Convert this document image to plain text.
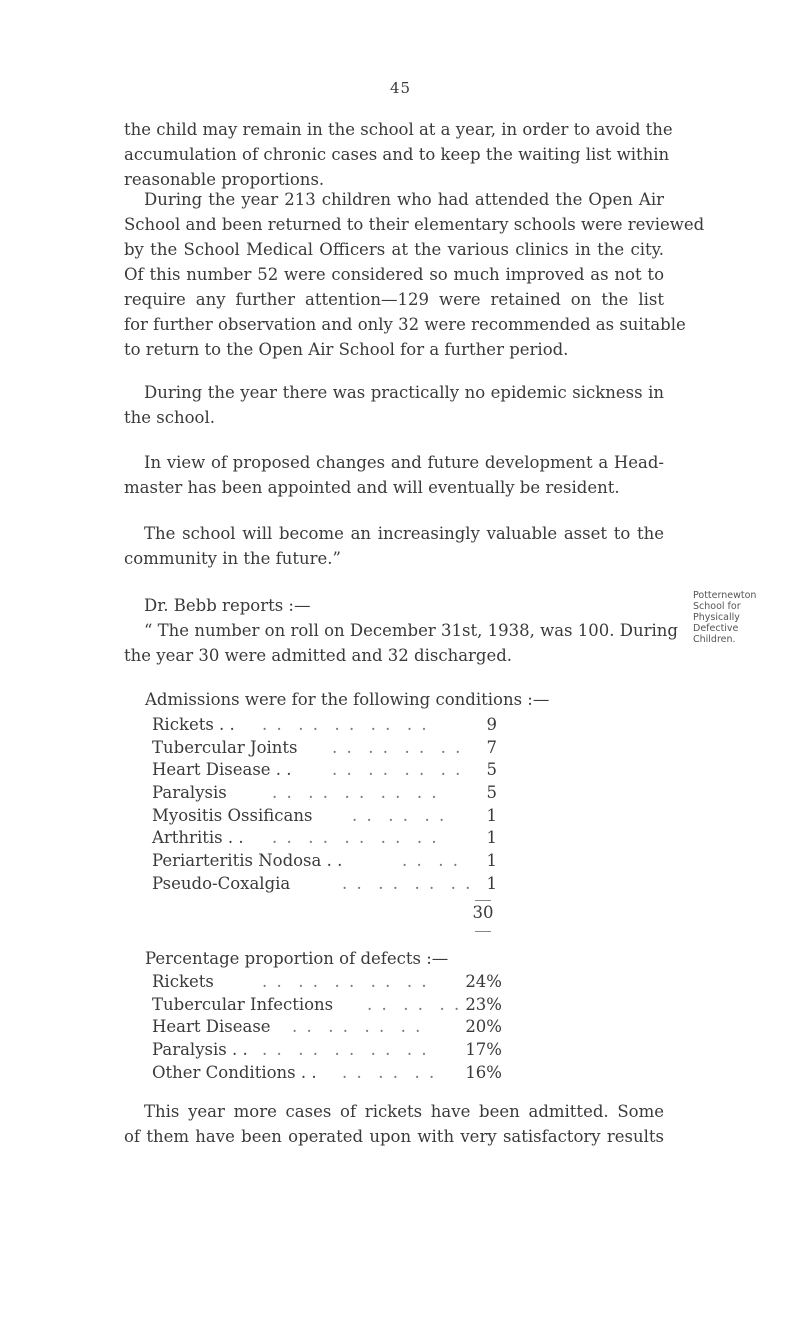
45

the child may remain in the school at a year, in order to avoid the
accumulation of chronic cases and to keep the waiting list within
reasonable proportions.

During the year 213 children who had attended the Open Air
School and been returned to their elementary schools were reviewed
by the School Medical Officers at the various clinics in the city.
Of this number 52 were considered so much improved as not to
require any further attention—129 were retained on the list
for further observation and only 32 were recommended as suitable
to return to the Open Air School for a further period.

During the year there was practically no epidemic sickness in
the school.

In view of proposed changes and future development a Head-
master has been appointed and will eventually be resident.

The school will become an increasingly valuable asset to the
community in the future.”

Dr. Bebb reports :—
“ The number on roll on December 31st, 1938, was 100. During
the year 30 were admitted and 32 discharged.

Potternewton
School for
Physically
Defective
Children.
Admissions were for the following conditions :—
Rickets . . . .  . .  . .  . .  . .	9
Tubercular Joints . .  . .  . .  . .	7
Heart Disease . . . .  . .  . .  . .	5
Paralysis	. .  . .  . .  . .  . .	5
Myositis Ossificans . .  . .  . .	1
Arthritis . . . .  . .  . .  . .  . .	1
Periarteritis Nodosa . .	. .  . .	1
Pseudo-Coxalgia	. .  . .  . .  . . 1
30
Percentage proportion of defects :—
Rickets	. .  . .  . .  . .  . .	24%
Tubercular Infections . .  . .  . . 23%
Heart Disease . .  . .  . .  . .	20%
Paralysis . . . .  . .  . .  . .  . .	17%
Other Conditions . . . .  . .  . .	16%

This year more cases of rickets have been admitted. Some
of them have been operated upon with very satisfactory results
